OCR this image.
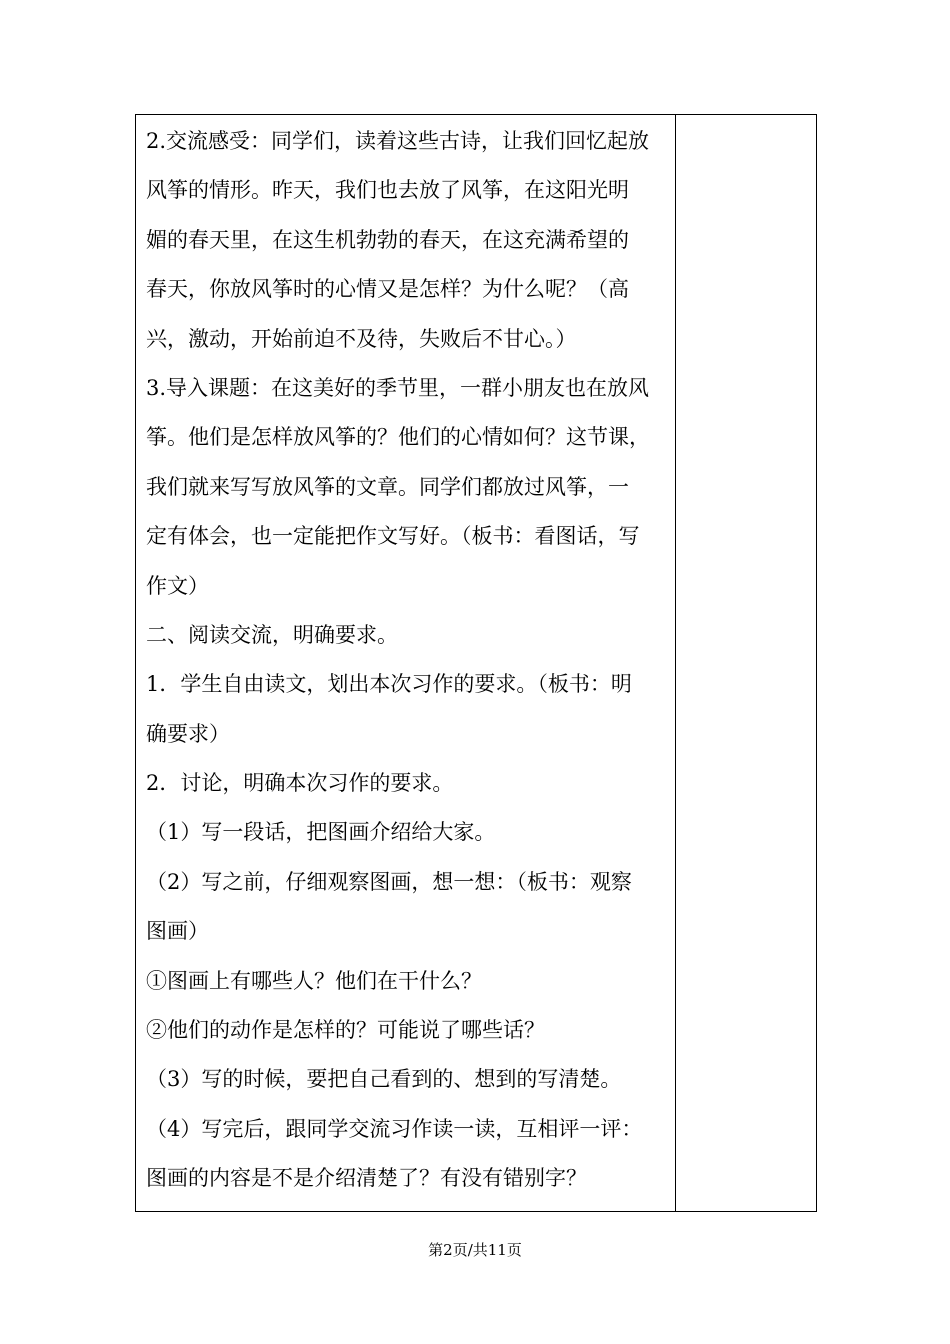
2.交流感受：同学们，读着这些古诗，让我们回忆起放
风筝的情形。昨天，我们也去放了风筝，在这阳光明
媚的春天里，在这生机勃勃的春天，在这充满希望的
春天，你放风筝时的心情又是怎样？为什么呢？（高
兴，激动，开始前迫不及待，失败后不甘心。）
3.导入课题：在这美好的季节里，一群小朋友也在放风
筝。他们是怎样放风筝的？他们的心情如何？这节课，
我们就来写写放风筝的文章。同学们都放过风筝，一
定有体会，也一定能把作文写好。（板书：看图话，写
作文）
二、阅读交流，明确要求。
1．学生自由读文，划出本次习作的要求。（板书：明
确要求）
2．讨论，明确本次习作的要求。
（1）写一段话，把图画介绍给大家。
（2）写之前，仔细观察图画，想一想：（板书：观察
图画）
①图画上有哪些人？他们在干什么？
②他们的动作是怎样的？可能说了哪些话？
（3）写的时候，要把自己看到的、想到的写清楚。
（4）写完后，跟同学交流习作读一读，互相评一评：
图画的内容是不是介绍清楚了？有没有错别字？
第2页/共11页
